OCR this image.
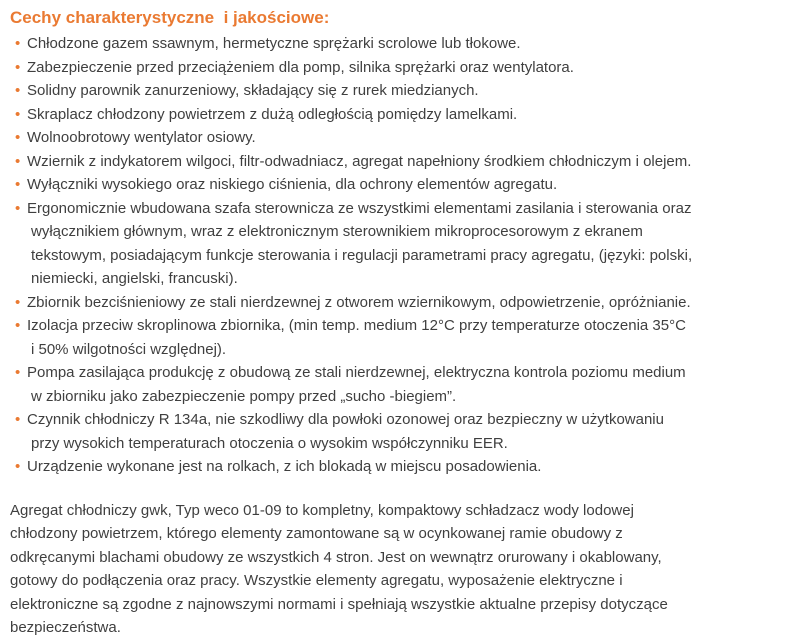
Cechy charakterystyczne  i jakościowe:
• Chłodzone gazem ssawnym, hermetyczne sprężarki scrolowe lub tłokowe.
• Zabezpieczenie przed przeciążeniem dla pomp, silnika sprężarki oraz wentylatora.
• Solidny parownik zanurzeniowy, składający się z rurek miedzianych.
• Skraplacz chłodzony powietrzem z dużą odległością pomiędzy lamelkami.
• Wolnoobrotowy wentylator osiowy.
• Wziernik z indykatorem wilgoci, filtr-odwadniacz, agregat napełniony środkiem chłodniczym i olejem.
• Wyłączniki wysokiego oraz niskiego ciśnienia, dla ochrony elementów agregatu.
• Ergonomicznie wbudowana szafa sterownicza ze wszystkimi elementami zasilania i sterowania oraz
wyłącznikiem głównym, wraz z elektronicznym sterownikiem mikroprocesorowym z ekranem
tekstowym, posiadającym funkcje sterowania i regulacji parametrami pracy agregatu, (języki: polski,
niemiecki, angielski, francuski).
• Zbiornik bezciśnieniowy ze stali nierdzewnej z otworem wziernikowym, odpowietrzenie, opróżnianie.
• Izolacja przeciw skroplinowa zbiornika, (min temp. medium 12°C przy temperaturze otoczenia 35°C
i 50% wilgotności względnej).
• Pompa zasilająca produkcję z obudową ze stali nierdzewnej, elektryczna kontrola poziomu medium
w zbiorniku jako zabezpieczenie pompy przed „sucho -biegiem”.
• Czynnik chłodniczy R 134a, nie szkodliwy dla powłoki ozonowej oraz bezpieczny w użytkowaniu
przy wysokich temperaturach otoczenia o wysokim współczynniku EER.
• Urządzenie wykonane jest na rolkach, z ich blokadą w miejscu posadowienia.
Agregat chłodniczy gwk, Typ weco 01-09 to kompletny, kompaktowy schładzacz wody lodowej
chłodzony powietrzem, którego elementy zamontowane są w ocynkowanej ramie obudowy z
odkręcanymi blachami obudowy ze wszystkich 4 stron. Jest on wewnątrz orurowany i okablowany,
gotowy do podłączenia oraz pracy. Wszystkie elementy agregatu, wyposażenie elektryczne i
elektroniczne są zgodne z najnowszymi normami i spełniają wszystkie aktualne przepisy dotyczące
bezpieczeństwa.
